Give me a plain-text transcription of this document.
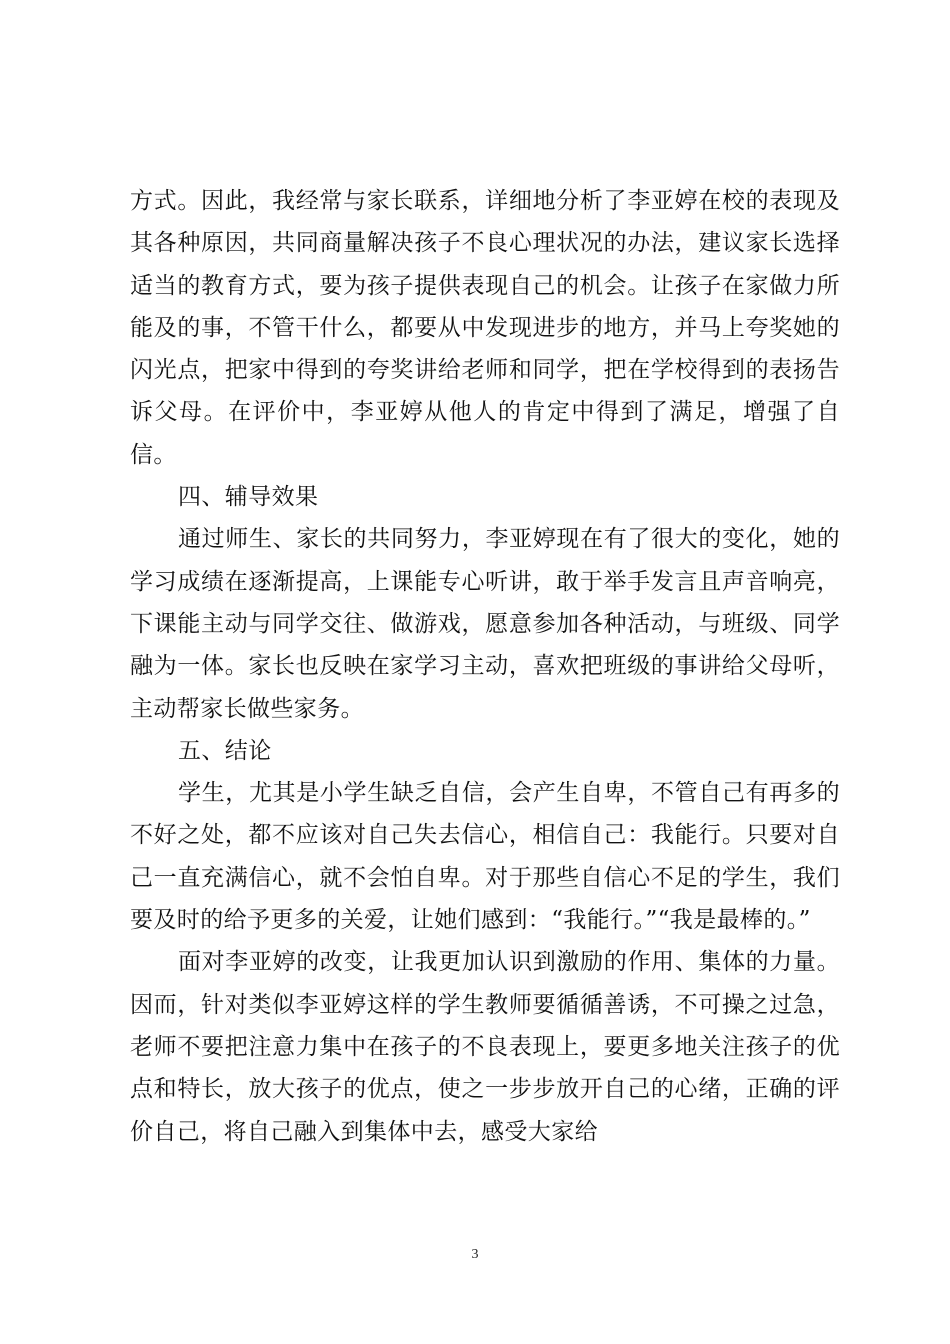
方式。因此，我经常与家长联系，详细地分析了李亚婷在校的表现及其各种原因，共同商量解决孩子不良心理状况的办法，建议家长选择适当的教育方式，要为孩子提供表现自己的机会。让孩子在家做力所能及的事，不管干什么，都要从中发现进步的地方，并马上夸奖她的闪光点，把家中得到的夸奖讲给老师和同学，把在学校得到的表扬告诉父母。在评价中，李亚婷从他人的肯定中得到了满足，增强了自信。

四、辅导效果

通过师生、家长的共同努力，李亚婷现在有了很大的变化，她的学习成绩在逐渐提高，上课能专心听讲，敢于举手发言且声音响亮，下课能主动与同学交往、做游戏，愿意参加各种活动，与班级、同学融为一体。家长也反映在家学习主动，喜欢把班级的事讲给父母听，主动帮家长做些家务。

五、结论

学生，尤其是小学生缺乏自信，会产生自卑，不管自己有再多的不好之处，都不应该对自己失去信心，相信自己：我能行。只要对自己一直充满信心，就不会怕自卑。对于那些自信心不足的学生，我们要及时的给予更多的关爱，让她们感到：“我能行。”“我是最棒的。”

面对李亚婷的改变，让我更加认识到激励的作用、集体的力量。因而，针对类似李亚婷这样的学生教师要循循善诱，不可操之过急，老师不要把注意力集中在孩子的不良表现上，要更多地关注孩子的优点和特长，放大孩子的优点，使之一步步放开自己的心绪，正确的评价自己，将自己融入到集体中去，感受大家给

3
